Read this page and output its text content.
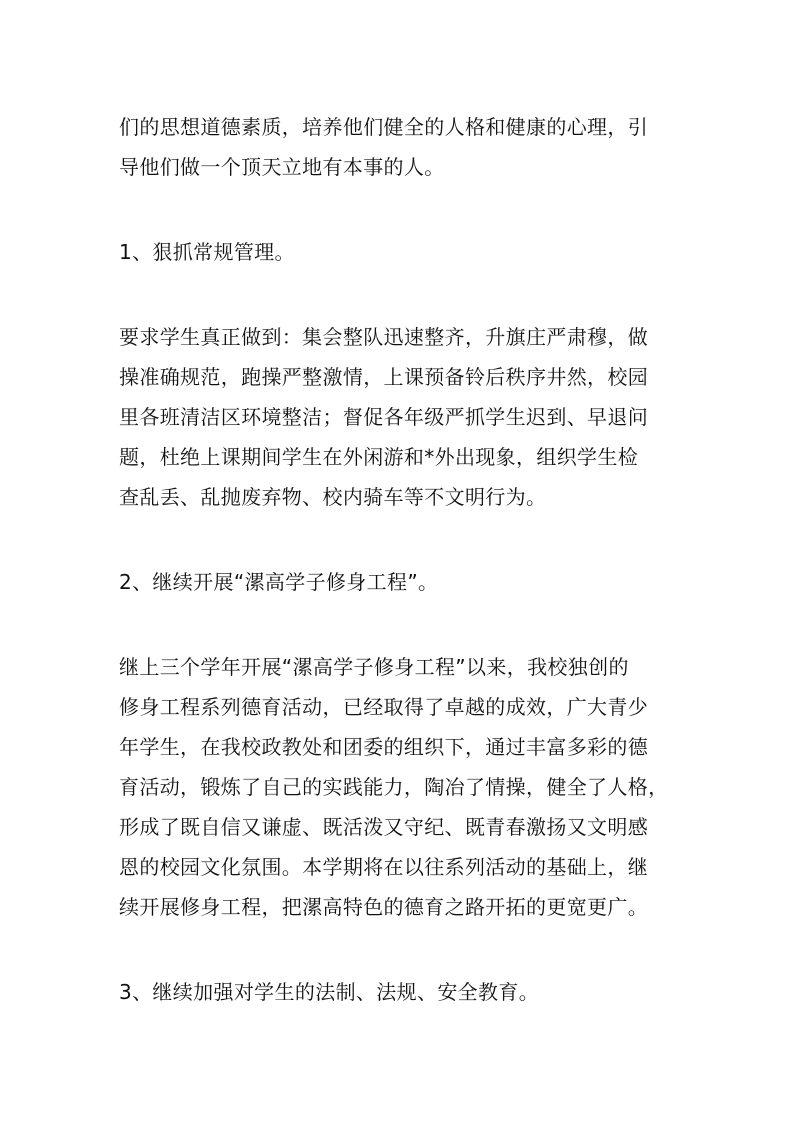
们的思想道德素质，培养他们健全的人格和健康的心理，引
导他们做一个顶天立地有本事的人。
1、狠抓常规管理。
要求学生真正做到：集会整队迅速整齐，升旗庄严肃穆，做
操准确规范，跑操严整激情，上课预备铃后秩序井然，校园
里各班清洁区环境整洁；督促各年级严抓学生迟到、早退问
题，杜绝上课期间学生在外闲游和*外出现象，组织学生检
查乱丢、乱抛废弃物、校内骑车等不文明行为。
2、继续开展“漯高学子修身工程”。
继上三个学年开展“漯高学子修身工程”以来，我校独创的
修身工程系列德育活动，已经取得了卓越的成效，广大青少
年学生，在我校政教处和团委的组织下，通过丰富多彩的德
育活动，锻炼了自己的实践能力，陶冶了情操，健全了人格，
形成了既自信又谦虚、既活泼又守纪、既青春激扬又文明感
恩的校园文化氛围。本学期将在以往系列活动的基础上，继
续开展修身工程，把漯高特色的德育之路开拓的更宽更广。
3、继续加强对学生的法制、法规、安全教育。
